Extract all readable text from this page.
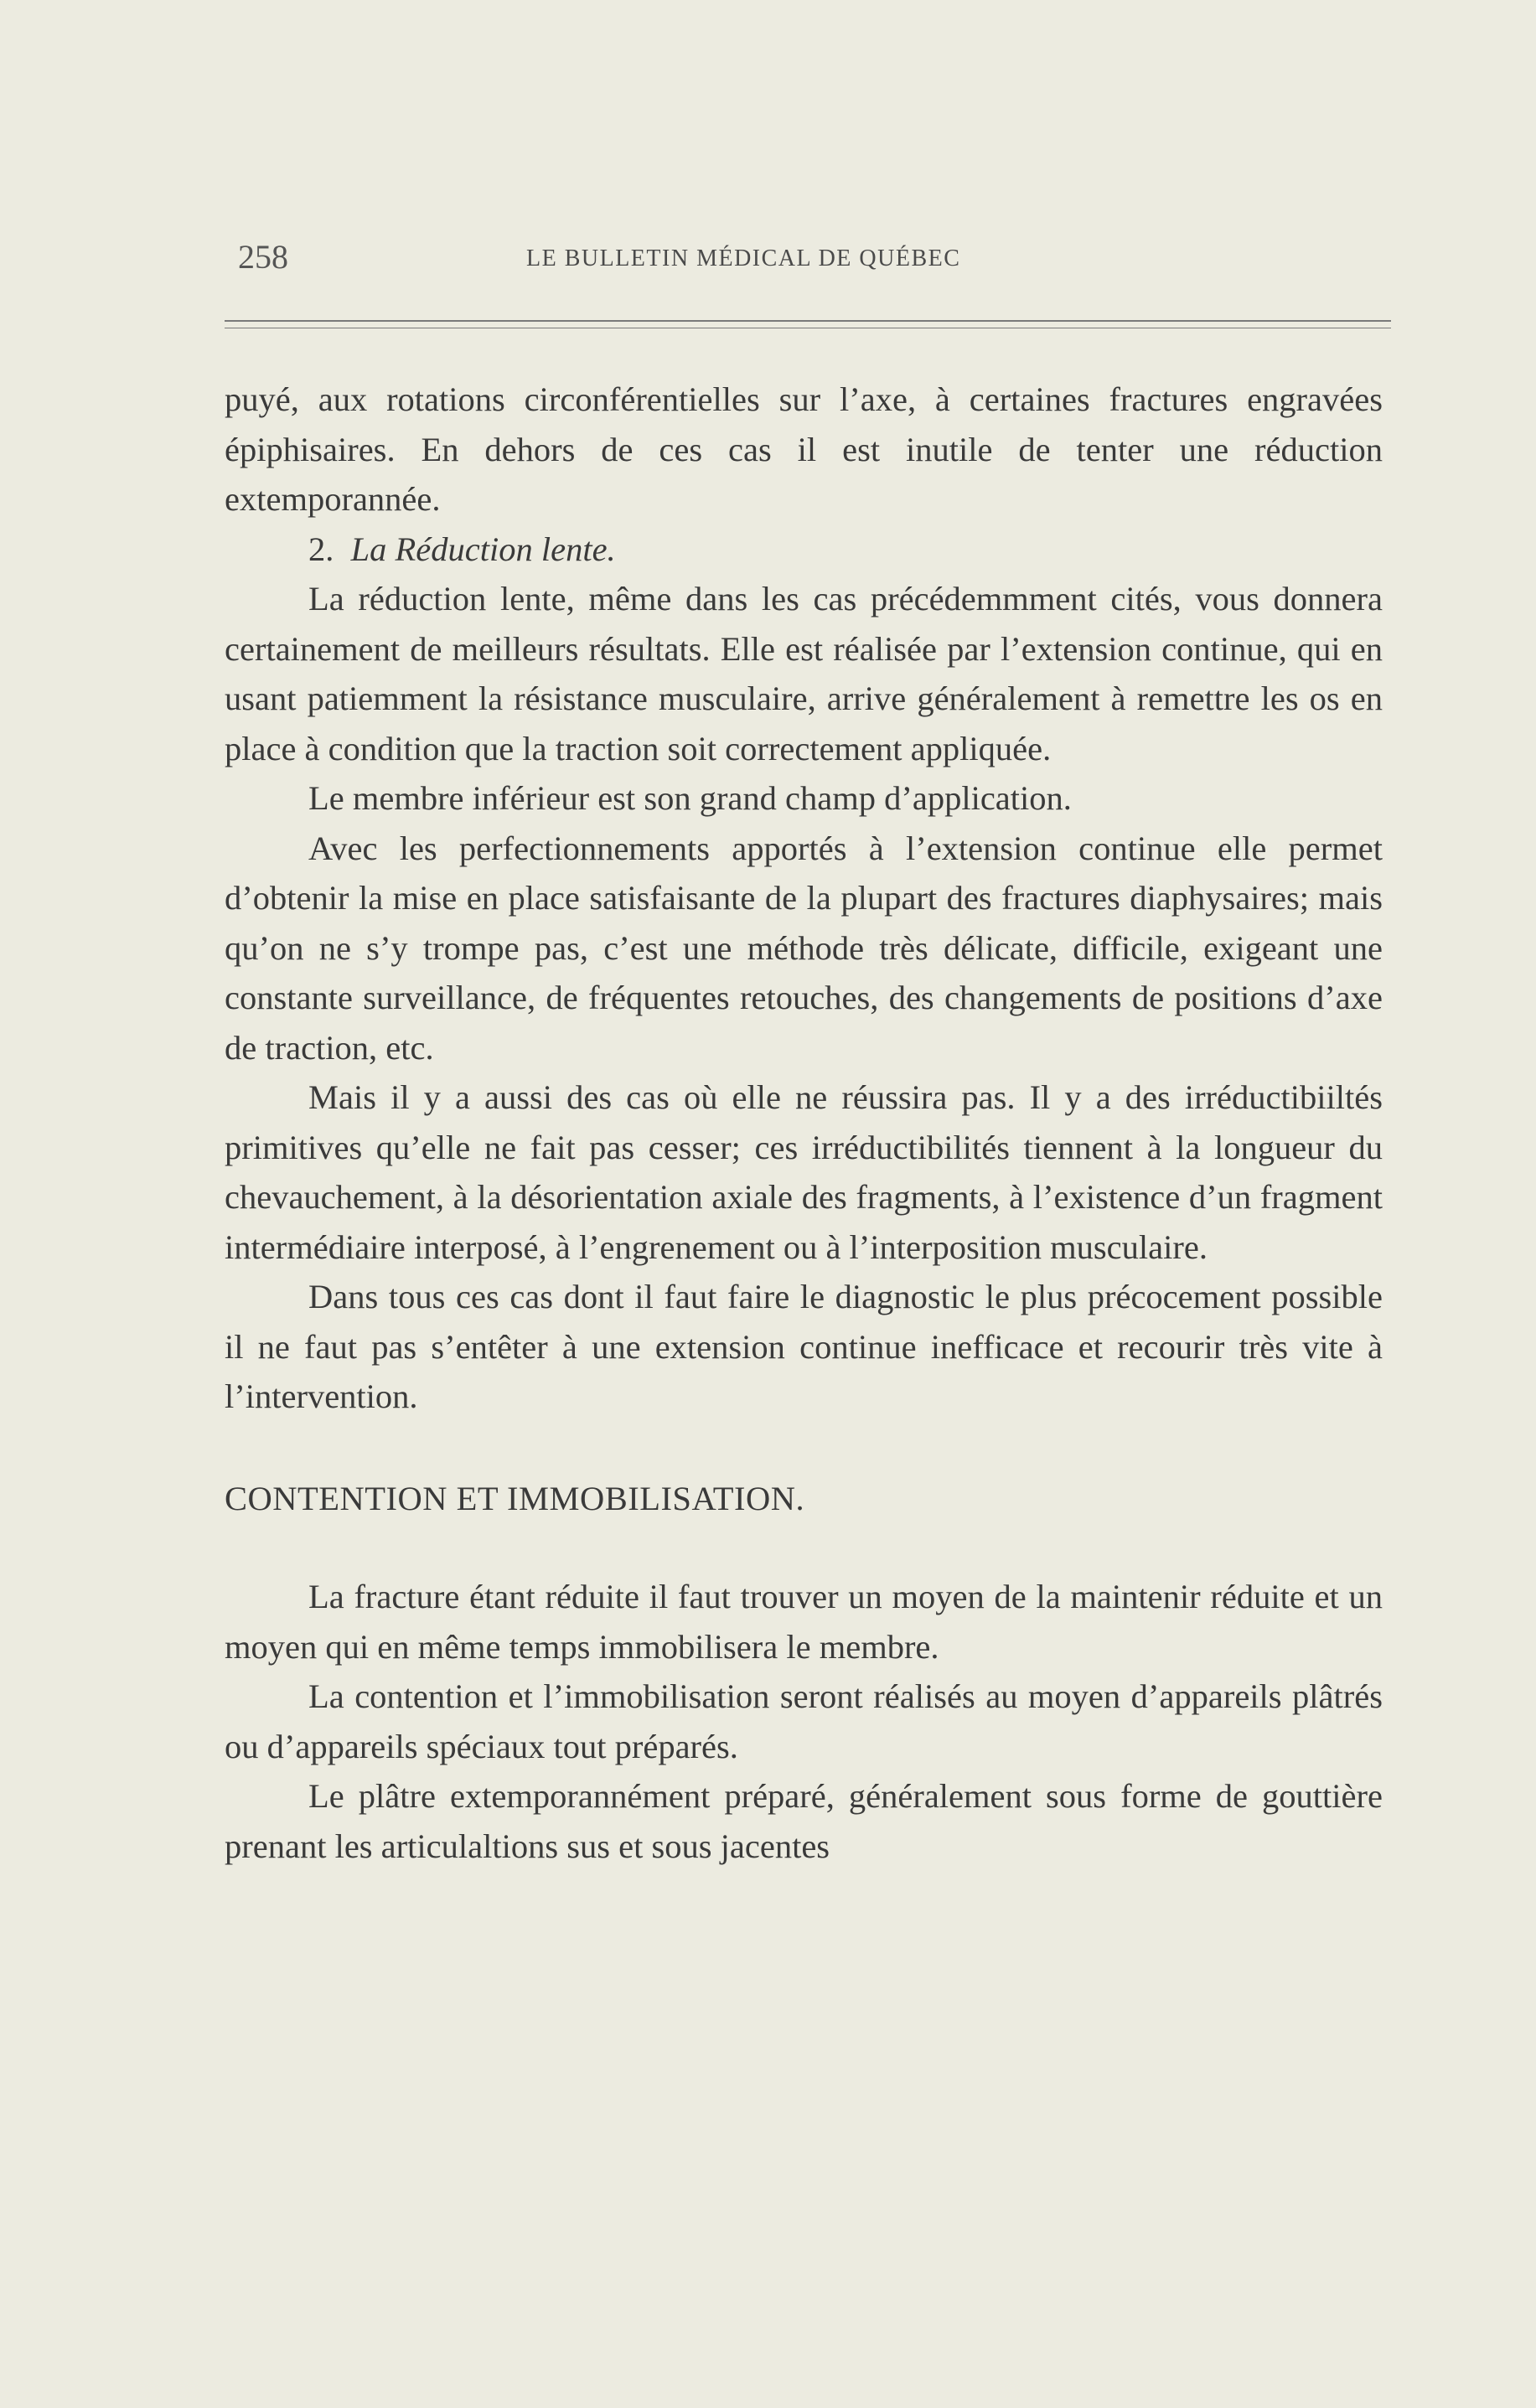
258	LE BULLETIN MÉDICAL DE QUÉBEC

puyé, aux rotations circonférentielles sur l’axe, à certaines fractures engravées épiphisaires. En dehors de ces cas il est inutile de tenter une réduction extemporannée.

2. La Réduction lente.

La réduction lente, même dans les cas précédemmment cités, vous donnera certainement de meilleurs résultats. Elle est réalisée par l’extension continue, qui en usant patiemment la résistance musculaire, arrive généralement à remettre les os en place à condition que la traction soit correctement appliquée.

Le membre inférieur est son grand champ d’application.

Avec les perfectionnements apportés à l’extension continue elle permet d’obtenir la mise en place satisfaisante de la plupart des fractures diaphysaires; mais qu’on ne s’y trompe pas, c’est une méthode très délicate, difficile, exigeant une constante surveillance, de fréquentes retouches, des changements de positions d’axe de traction, etc.

Mais il y a aussi des cas où elle ne réussira pas. Il y a des irréductibiiltés primitives qu’elle ne fait pas cesser; ces irréductibilités tiennent à la longueur du chevauchement, à la désorientation axiale des fragments, à l’existence d’un fragment intermédiaire interposé, à l’engrenement ou à l’interposition musculaire.

Dans tous ces cas dont il faut faire le diagnostic le plus précocement possible il ne faut pas s’entêter à une extension continue inefficace et recourir très vite à l’intervention.

CONTENTION ET IMMOBILISATION.

La fracture étant réduite il faut trouver un moyen de la maintenir réduite et un moyen qui en même temps immobilisera le membre.

La contention et l’immobilisation seront réalisés au moyen d’appareils plâtrés ou d’appareils spéciaux tout préparés.

Le plâtre extemporannément préparé, généralement sous forme de gouttière prenant les articulaltions sus et sous jacentes
